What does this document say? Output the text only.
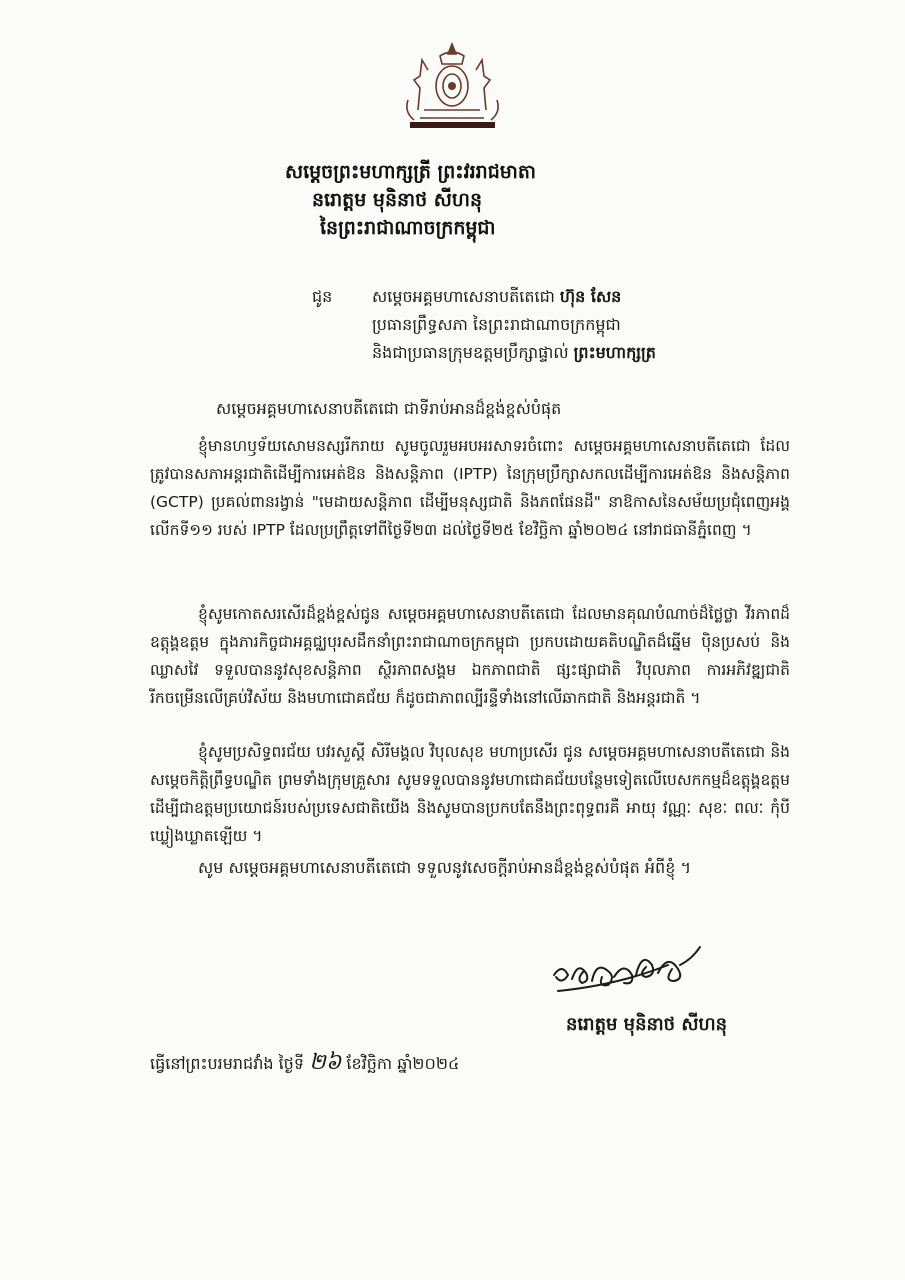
សម្តេចព្រះមហាក្សត្រី ព្រះវររាជមាតា
នរោត្តម មុនិនាថ សីហនុ
នៃព្រះរាជាណាចក្រកម្ពុជា
ជូន សម្តេចអគ្គមហាសេនាបតីតេជោ ហ៊ុន សែន
ប្រធានព្រឹទ្ធសភា នៃព្រះរាជាណាចក្រកម្ពុជា
និងជាប្រធានក្រុមឧត្តមប្រឹក្សាផ្ទាល់ ព្រះមហាក្សត្រ
សម្តេចអគ្គមហាសេនាបតីតេជោ ជាទីរាប់អានដ៏ខ្ពង់ខ្ពស់បំផុត
ខ្ញុំមានហឫទ័យសោមនស្សរីករាយ សូមចូលរួមអបអរសាទរចំពោះ សម្តេចអគ្គមហាសេនាបតីតេជោ ដែលត្រូវបានសភាអន្តរជាតិដើម្បីការអេត់ឱន និងសន្តិភាព (IPTP) នៃក្រុមប្រឹក្សាសកលដើម្បីការអេត់ឱន និងសន្តិភាព (GCTP) ប្រគល់ពានរង្វាន់ "មេដាយសន្តិភាព ដើម្បីមនុស្សជាតិ និងភពផែនដី" នាឱកាសនៃសម័យប្រជុំពេញអង្គលើកទី១១ របស់ IPTP ដែលប្រព្រឹត្តទៅពីថ្ងៃទី២៣ ដល់ថ្ងៃទី២៥ ខែវិច្ឆិកា ឆ្នាំ២០២៤ នៅរាជធានីភ្នំពេញ ។
ខ្ញុំសូមកោតសរសើរដ៏ខ្ពង់ខ្ពស់ជូន សម្តេចអគ្គមហាសេនាបតីតេជោ ដែលមានគុណបំណាច់ដ៏ថ្លៃថ្លា វីរភាពដ៏ឧត្តុង្គឧត្តម ក្នុងភារកិច្ចជាអគ្គជ្ឈបុរសដឹកនាំព្រះរាជាណាចក្រកម្ពុជា ប្រកបដោយគតិបណ្ឌិតដ៏ឆ្នើម ប៉ិនប្រសប់ និងឈ្លាសវៃ ទទួលបាននូវសុខសន្តិភាព ស្ថិរភាពសង្គម ឯកភាពជាតិ ផ្សះផ្សាជាតិ វិបុលភាព ការអភិវឌ្ឍជាតិរីកចម្រើនលើគ្រប់វិស័យ និងមហាជោគជ័យ ក៏ដូចជាភាពល្បីរន្ទឺទាំងនៅលើឆាកជាតិ និងអន្តរជាតិ ។
ខ្ញុំសូមប្រសិទ្ធពរជ័យ បវរសួស្តី សិរីមង្គល វិបុលសុខ មហាប្រសើរ ជូន សម្តេចអគ្គមហាសេនាបតីតេជោ និងសម្តេចកិត្តិព្រឹទ្ធបណ្ឌិត ព្រមទាំងក្រុមគ្រួសារ សូមទទួលបាននូវមហាជោគជ័យបន្ថែមទៀតលើបេសកកម្មដ៏ឧត្តុង្គឧត្តម ដើម្បីជាឧត្តមប្រយោជន៍របស់ប្រទេសជាតិយើង និងសូមបានប្រកបតែនឹងព្រះពុទ្ធពរគឺ អាយុ វណ្ណៈ សុខៈ ពលៈ កុំបីឃ្លៀងឃ្លាតឡើយ ។
សូម សម្តេចអគ្គមហាសេនាបតីតេជោ ទទួលនូវសេចក្តីរាប់អានដ៏ខ្ពង់ខ្ពស់បំផុត អំពីខ្ញុំ ។
នរោត្តម មុនិនាថ សីហនុ
ធ្វើនៅព្រះបរមរាជវាំង ថ្ងៃទី ២៦ ខែវិច្ឆិកា ឆ្នាំ២០២៤
